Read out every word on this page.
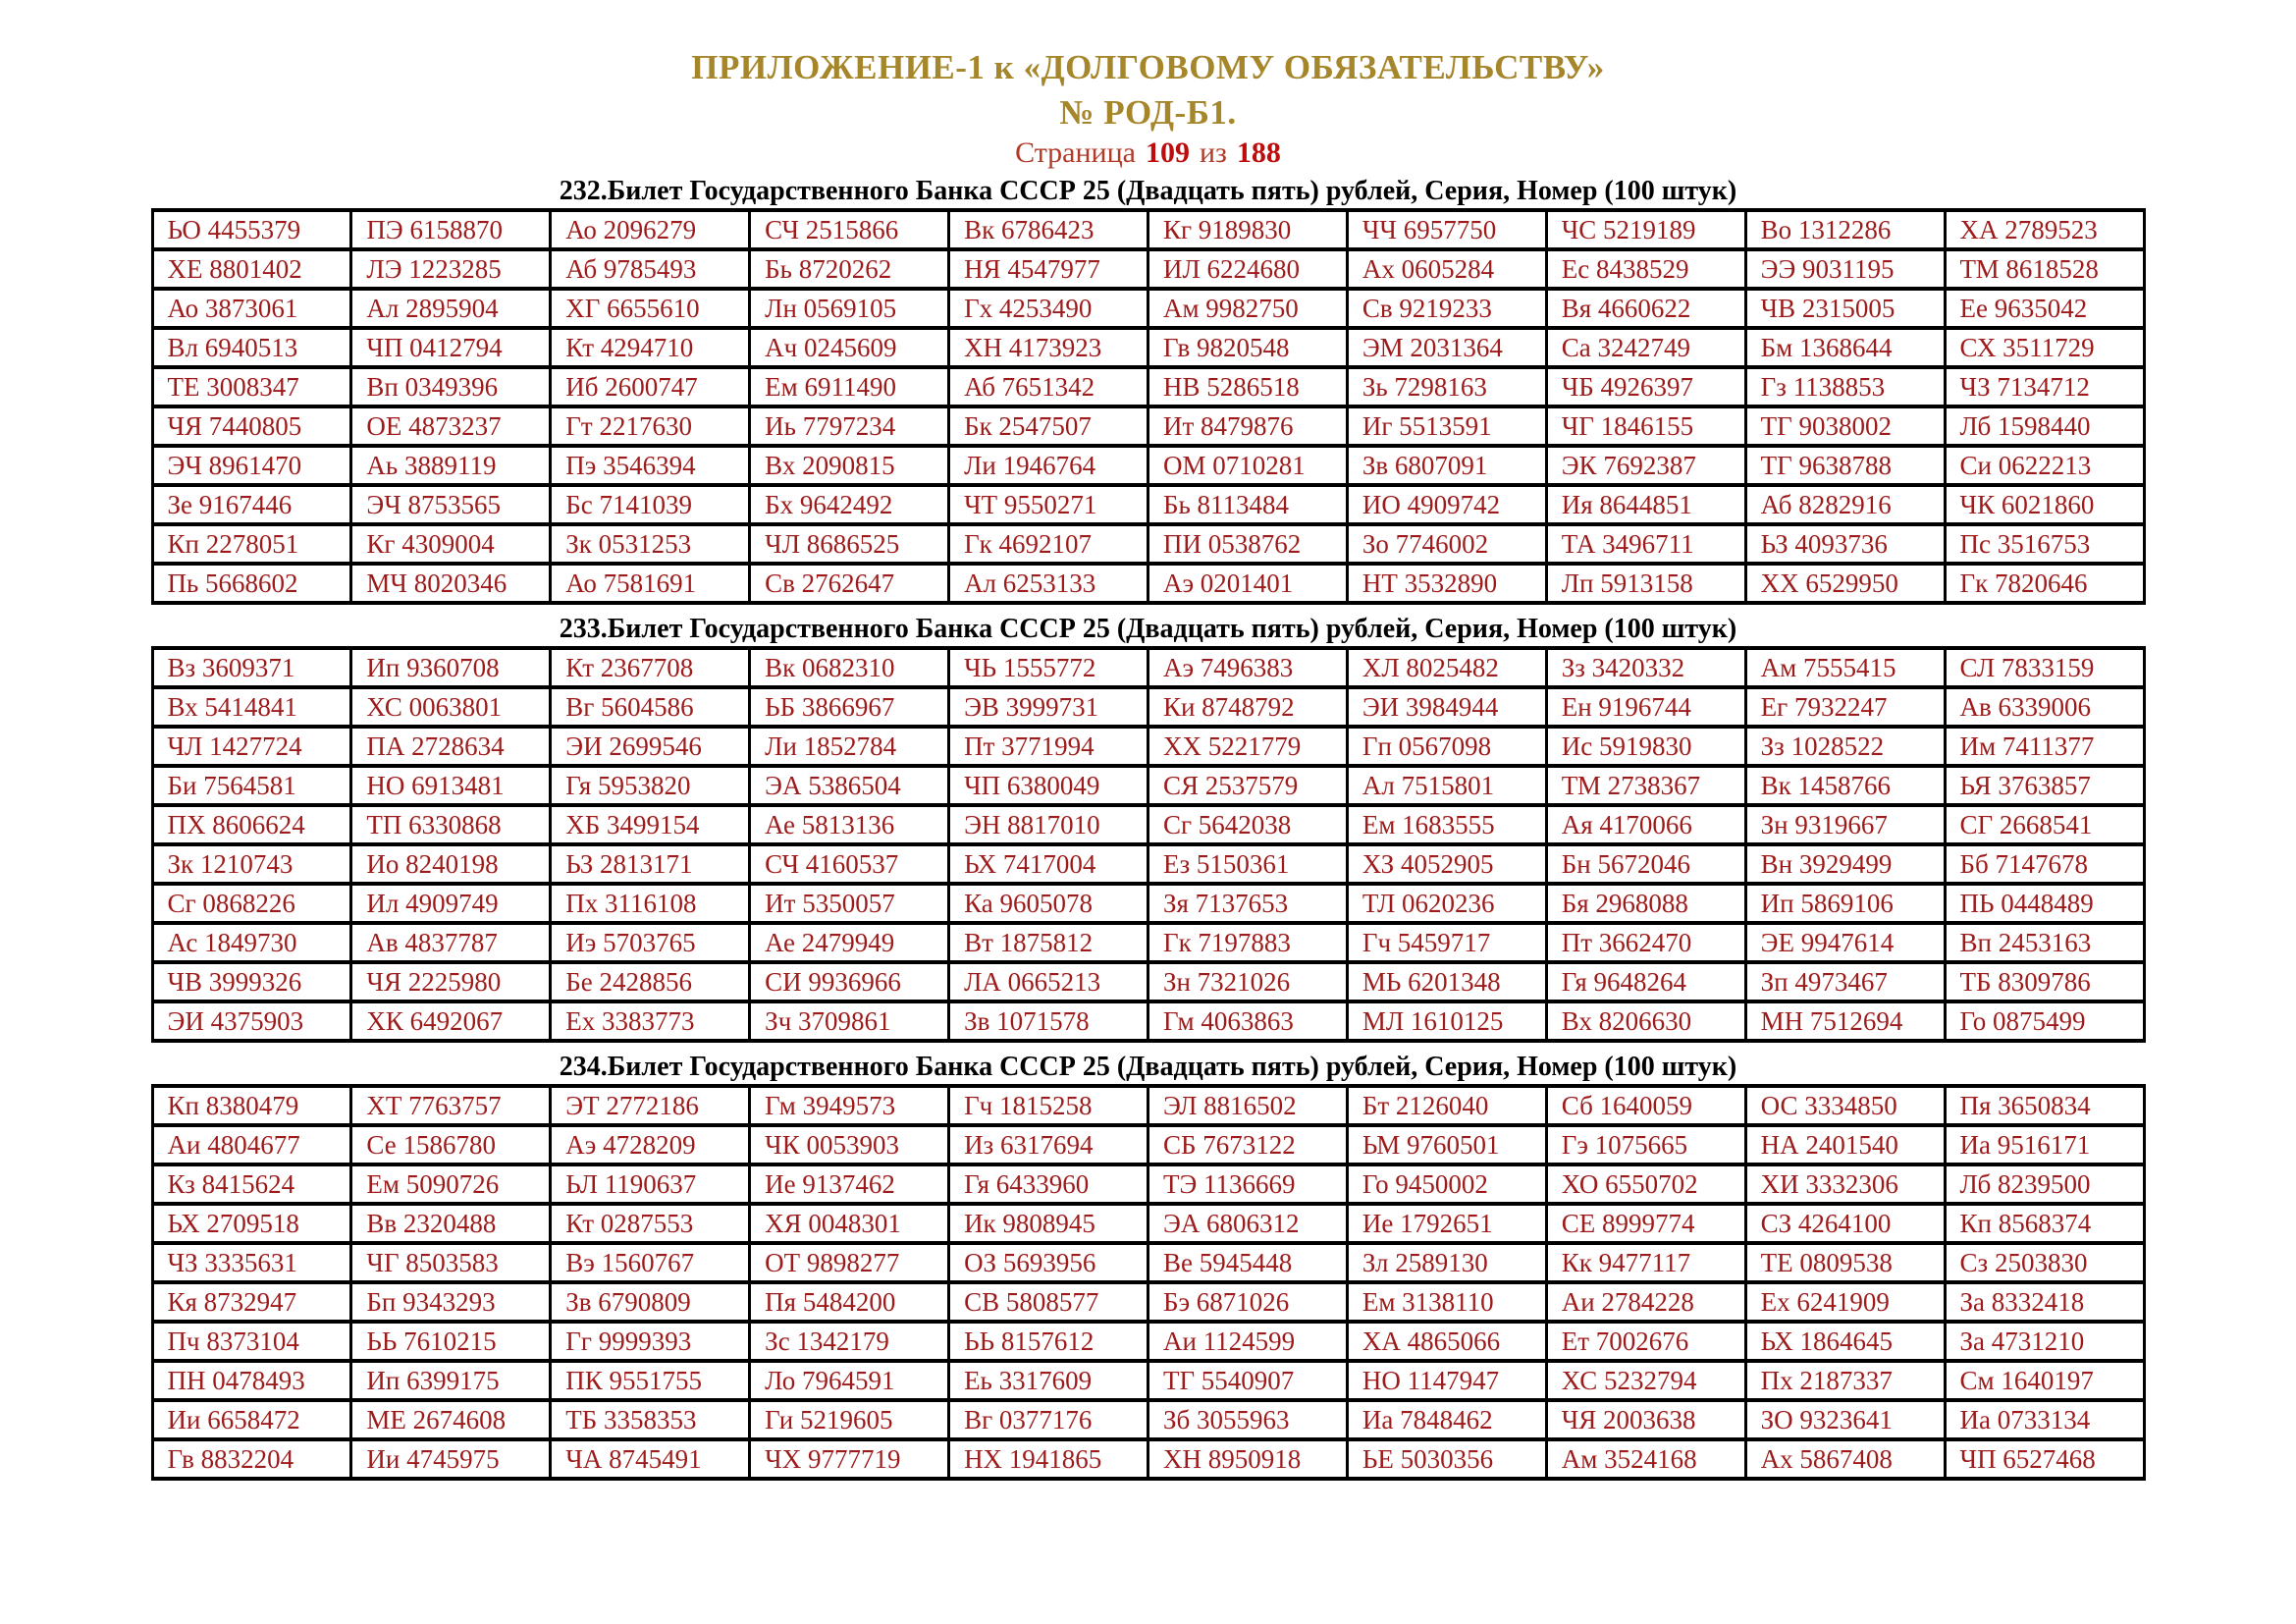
ПРИЛОЖЕНИЕ-1 к «ДОЛГОВОМУ ОБЯЗАТЕЛЬСТВУ»
№ РОД-Б1.
Страница 109 из 188
232.Билет Государственного Банка СССР 25 (Двадцать пять) рублей, Серия, Номер (100 штук)
ЬО 4455379	ПЭ 6158870	Ао 2096279	СЧ 2515866	Вк 6786423	Кг 9189830	ЧЧ 6957750	ЧС 5219189	Во 1312286	ХА 2789523
ХЕ 8801402	ЛЭ 1223285	Аб 9785493	Бь 8720262	НЯ 4547977	ИЛ 6224680	Ах 0605284	Ес 8438529	ЭЭ 9031195	ТМ 8618528
Ао 3873061	Ал 2895904	ХГ 6655610	Лн 0569105	Гх 4253490	Ам 9982750	Св 9219233	Вя 4660622	ЧВ 2315005	Ее 9635042
Вл 6940513	ЧП 0412794	Кт 4294710	Ач 0245609	ХН 4173923	Гв 9820548	ЭМ 2031364	Са 3242749	Бм 1368644	СХ 3511729
ТЕ 3008347	Вп 0349396	Иб 2600747	Ем 6911490	Аб 7651342	НВ 5286518	Зь 7298163	ЧБ 4926397	Гз 1138853	ЧЗ 7134712
ЧЯ 7440805	ОЕ 4873237	Гт 2217630	Иь 7797234	Бк 2547507	Ит 8479876	Иг 5513591	ЧГ 1846155	ТГ 9038002	Лб 1598440
ЭЧ 8961470	Аь 3889119	Пэ 3546394	Вх 2090815	Ли 1946764	ОМ 0710281	Зв 6807091	ЭК 7692387	ТГ 9638788	Си 0622213
Зе 9167446	ЭЧ 8753565	Бс 7141039	Бх 9642492	ЧТ 9550271	Бь 8113484	ИО 4909742	Ия 8644851	Аб 8282916	ЧК 6021860
Кп 2278051	Кг 4309004	Зк 0531253	ЧЛ 8686525	Гк 4692107	ПИ 0538762	Зо 7746002	ТА 3496711	ЬЗ 4093736	Пс 3516753
Пь 5668602	МЧ 8020346	Ао 7581691	Св 2762647	Ал 6253133	Аэ 0201401	НТ 3532890	Лп 5913158	ХХ 6529950	Гк 7820646
233.Билет Государственного Банка СССР 25 (Двадцать пять) рублей, Серия, Номер (100 штук)
Вз 3609371	Ип 9360708	Кт 2367708	Вк 0682310	ЧЬ 1555772	Аэ 7496383	ХЛ 8025482	Зз 3420332	Ам 7555415	СЛ 7833159
Вх 5414841	ХС 0063801	Вг 5604586	ЬБ 3866967	ЭВ 3999731	Ки 8748792	ЭИ 3984944	Ен 9196744	Ег 7932247	Ав 6339006
ЧЛ 1427724	ПА 2728634	ЭИ 2699546	Ли 1852784	Пт 3771994	ХХ 5221779	Гп 0567098	Ис 5919830	Зз 1028522	Им 7411377
Би 7564581	НО 6913481	Гя 5953820	ЭА 5386504	ЧП 6380049	СЯ 2537579	Ал 7515801	ТМ 2738367	Вк 1458766	ЬЯ 3763857
ПХ 8606624	ТП 6330868	ХБ 3499154	Ае 5813136	ЭН 8817010	Сг 5642038	Ем 1683555	Ая 4170066	Зн 9319667	СГ 2668541
Зк 1210743	Ио 8240198	ЬЗ 2813171	СЧ 4160537	ЬХ 7417004	Ез 5150361	ХЗ 4052905	Бн 5672046	Вн 3929499	Бб 7147678
Сг 0868226	Ил 4909749	Пх 3116108	Ит 5350057	Ка 9605078	Зя 7137653	ТЛ 0620236	Бя 2968088	Ип 5869106	ПЬ 0448489
Ас 1849730	Ав 4837787	Иэ 5703765	Ае 2479949	Вт 1875812	Гк 7197883	Гч 5459717	Пт 3662470	ЭЕ 9947614	Вп 2453163
ЧВ 3999326	ЧЯ 2225980	Бе 2428856	СИ 9936966	ЛА 0665213	Зн 7321026	МЬ 6201348	Гя 9648264	Зп 4973467	ТБ 8309786
ЭИ 4375903	ХК 6492067	Ех 3383773	Зч 3709861	Зв 1071578	Гм 4063863	МЛ 1610125	Вх 8206630	МН 7512694	Го 0875499
234.Билет Государственного Банка СССР 25 (Двадцать пять) рублей, Серия, Номер (100 штук)
Кп 8380479	ХТ 7763757	ЭТ 2772186	Гм 3949573	Гч 1815258	ЭЛ 8816502	Бт 2126040	Сб 1640059	ОС 3334850	Пя 3650834
Аи 4804677	Се 1586780	Аэ 4728209	ЧК 0053903	Из 6317694	СБ 7673122	ЬМ 9760501	Гэ 1075665	НА 2401540	Иа 9516171
Кз 8415624	Ем 5090726	ЬЛ 1190637	Ие 9137462	Гя 6433960	ТЭ 1136669	Го 9450002	ХО 6550702	ХИ 3332306	Лб 8239500
ЬХ 2709518	Вв 2320488	Кт 0287553	ХЯ 0048301	Ик 9808945	ЭА 6806312	Ие 1792651	СЕ 8999774	СЗ 4264100	Кп 8568374
ЧЗ 3335631	ЧГ 8503583	Вэ 1560767	ОТ 9898277	ОЗ 5693956	Ве 5945448	Зл 2589130	Кк 9477117	ТЕ 0809538	Сз 2503830
Кя 8732947	Бп 9343293	Зв 6790809	Пя 5484200	СВ 5808577	Бэ 6871026	Ем 3138110	Аи 2784228	Ех 6241909	За 8332418
Пч 8373104	ЬЬ 7610215	Гг 9999393	Зс 1342179	ЬЬ 8157612	Аи 1124599	ХА 4865066	Ет 7002676	ЬХ 1864645	За 4731210
ПН 0478493	Ип 6399175	ПК 9551755	Ло 7964591	Еь 3317609	ТГ 5540907	НО 1147947	ХС 5232794	Пх 2187337	См 1640197
Ии 6658472	МЕ 2674608	ТБ 3358353	Ги 5219605	Вг 0377176	Зб 3055963	Иа 7848462	ЧЯ 2003638	ЗО 9323641	Иа 0733134
Гв 8832204	Ии 4745975	ЧА 8745491	ЧХ 9777719	НХ 1941865	ХН 8950918	ЬЕ 5030356	Ам 3524168	Ах 5867408	ЧП 6527468
